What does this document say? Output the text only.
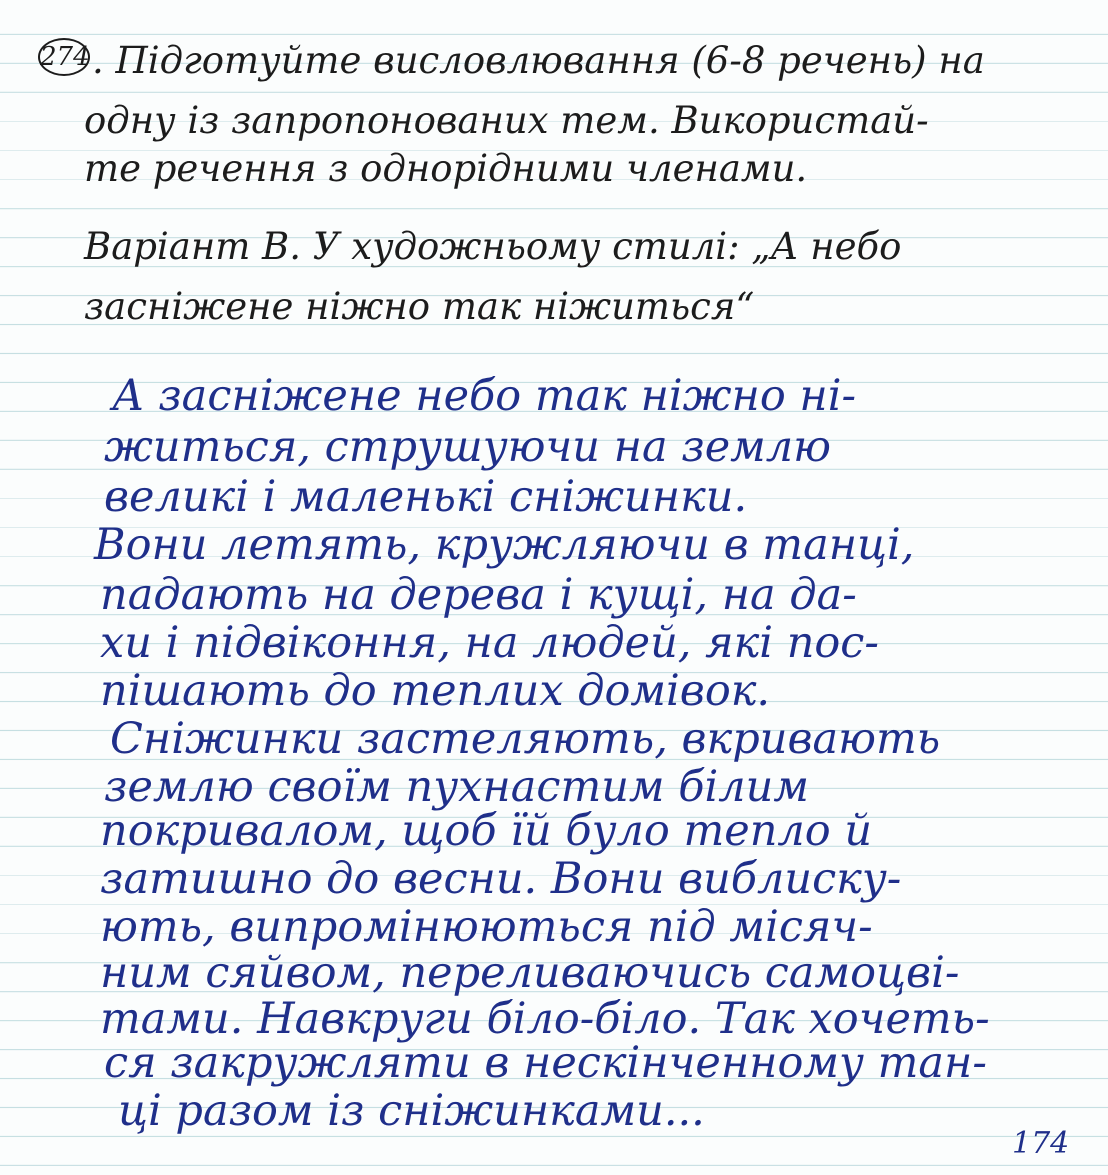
274 . Підготуйте висловлювання (6-8 речень) на
одну із запропонованих тем. Використай-
те речення з однорідними членами.
Варіант В. У художньому стилі: „А небо
засніжене ніжно так ніжиться“
А засніжене небо так ніжно ні-
житься, струшуючи на землю
великі і маленькі сніжинки.
Вони летять, кружляючи в танці,
падають на дерева і кущі, на да-
хи і підвіконня, на людей, які пос-
пішають до теплих домівок.
Сніжинки застеляють, вкривають
землю своїм пухнастим білим
покривалом, щоб їй було тепло й
затишно до весни. Вони виблиску-
ють, випромінюються під місяч-
ним сяйвом, переливаючись самоцві-
тами. Навкруги біло-біло. Так хочеть-
ся закружляти в нескінченному тан-
ці разом із сніжинками...
174
